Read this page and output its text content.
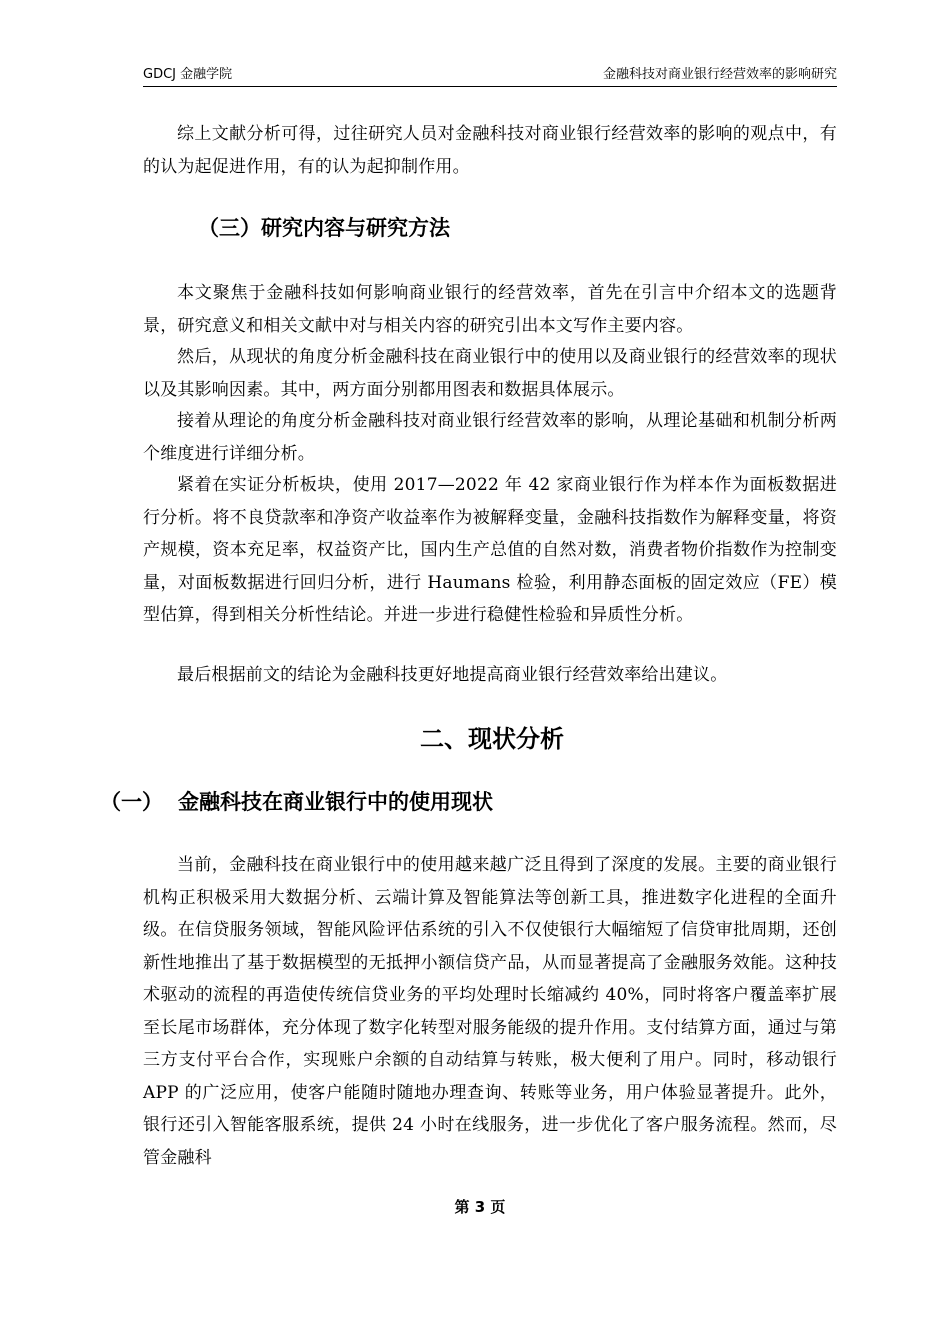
GDCJ 金融学院	金融科技对商业银行经营效率的影响研究

综上文献分析可得，过往研究人员对金融科技对商业银行经营效率的影响的观点中，有的认为起促进作用，有的认为起抑制作用。

（三）研究内容与研究方法

本文聚焦于金融科技如何影响商业银行的经营效率，首先在引言中介绍本文的选题背景，研究意义和相关文献中对与相关内容的研究引出本文写作主要内容。

然后，从现状的角度分析金融科技在商业银行中的使用以及商业银行的经营效率的现状以及其影响因素。其中，两方面分别都用图表和数据具体展示。

接着从理论的角度分析金融科技对商业银行经营效率的影响，从理论基础和机制分析两个维度进行详细分析。

紧着在实证分析板块，使用 2017—2022 年 42 家商业银行作为样本作为面板数据进行分析。将不良贷款率和净资产收益率作为被解释变量，金融科技指数作为解释变量，将资产规模，资本充足率，权益资产比，国内生产总值的自然对数，消费者物价指数作为控制变量，对面板数据进行回归分析，进行 Haumans 检验，利用静态面板的固定效应（FE）模型估算，得到相关分析性结论。并进一步进行稳健性检验和异质性分析。

最后根据前文的结论为金融科技更好地提高商业银行经营效率给出建议。

二、现状分析
（一） 金融科技在商业银行中的使用现状

当前，金融科技在商业银行中的使用越来越广泛且得到了深度的发展。主要的商业银行机构正积极采用大数据分析、云端计算及智能算法等创新工具，推进数字化进程的全面升级。在信贷服务领域，智能风险评估系统的引入不仅使银行大幅缩短了信贷审批周期，还创新性地推出了基于数据模型的无抵押小额信贷产品，从而显著提高了金融服务效能。这种技术驱动的流程的再造使传统信贷业务的平均处理时长缩减约 40%，同时将客户覆盖率扩展至长尾市场群体，充分体现了数字化转型对服务能级的提升作用。支付结算方面，通过与第三方支付平台合作，实现账户余额的自动结算与转账，极大便利了用户。同时，移动银行 APP 的广泛应用，使客户能随时随地办理查询、转账等业务，用户体验显著提升。此外，银行还引入智能客服系统，提供 24 小时在线服务，进一步优化了客户服务流程。然而，尽管金融科

第 3 页
